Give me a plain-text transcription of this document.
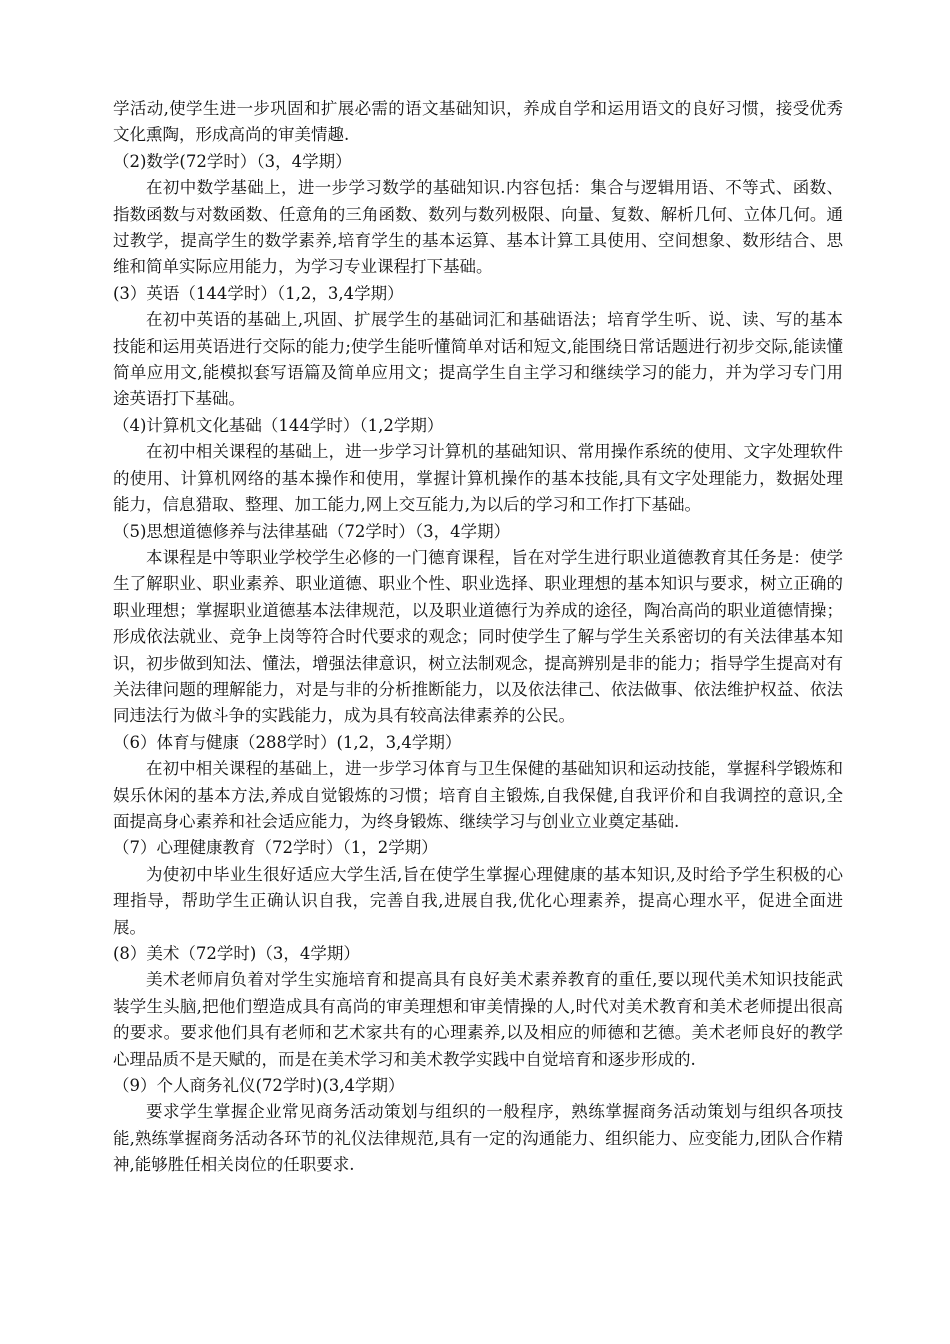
学活动,使学生进一步巩固和扩展必需的语文基础知识，养成自学和运用语文的良好习惯，接受优秀文化熏陶，形成高尚的审美情趣.

（2)数学(72学时）（3，4学期）

在初中数学基础上，进一步学习数学的基础知识.内容包括：集合与逻辑用语、不等式、函数、指数函数与对数函数、任意角的三角函数、数列与数列极限、向量、复数、解析几何、立体几何。通过教学，提高学生的数学素养,培育学生的基本运算、基本计算工具使用、空间想象、数形结合、思维和简单实际应用能力，为学习专业课程打下基础。

(3）英语（144学时）（1,2，3,4学期）

在初中英语的基础上,巩固、扩展学生的基础词汇和基础语法；培育学生听、说、读、写的基本技能和运用英语进行交际的能力;使学生能听懂简单对话和短文,能围绕日常话题进行初步交际,能读懂简单应用文,能模拟套写语篇及简单应用文；提高学生自主学习和继续学习的能力，并为学习专门用途英语打下基础。

（4)计算机文化基础（144学时）（1,2学期）

在初中相关课程的基础上，进一步学习计算机的基础知识、常用操作系统的使用、文字处理软件的使用、计算机网络的基本操作和使用，掌握计算机操作的基本技能,具有文字处理能力，数据处理能力，信息猎取、整理、加工能力,网上交互能力,为以后的学习和工作打下基础。

（5)思想道德修养与法律基础（72学时）（3，4学期）

本课程是中等职业学校学生必修的一门德育课程，旨在对学生进行职业道德教育其任务是：使学生了解职业、职业素养、职业道德、职业个性、职业选择、职业理想的基本知识与要求，树立正确的职业理想；掌握职业道德基本法律规范，以及职业道德行为养成的途径，陶冶高尚的职业道德情操；形成依法就业、竞争上岗等符合时代要求的观念；同时使学生了解与学生关系密切的有关法律基本知识，初步做到知法、懂法，增强法律意识，树立法制观念，提高辨别是非的能力；指导学生提高对有关法律问题的理解能力，对是与非的分析推断能力，以及依法律己、依法做事、依法维护权益、依法同违法行为做斗争的实践能力，成为具有较高法律素养的公民。

（6）体育与健康（288学时）(1,2，3,4学期）

在初中相关课程的基础上，进一步学习体育与卫生保健的基础知识和运动技能，掌握科学锻炼和娱乐休闲的基本方法,养成自觉锻炼的习惯；培育自主锻炼,自我保健,自我评价和自我调控的意识,全面提高身心素养和社会适应能力，为终身锻炼、继续学习与创业立业奠定基础.

（7）心理健康教育（72学时）（1，2学期）

为使初中毕业生很好适应大学生活,旨在使学生掌握心理健康的基本知识,及时给予学生积极的心理指导，帮助学生正确认识自我，完善自我,进展自我,优化心理素养，提高心理水平，促进全面进展。

(8）美术（72学时)（3，4学期）

美术老师肩负着对学生实施培育和提高具有良好美术素养教育的重任,要以现代美术知识技能武装学生头脑,把他们塑造成具有高尚的审美理想和审美情操的人,时代对美术教育和美术老师提出很高的要求。要求他们具有老师和艺术家共有的心理素养,以及相应的师德和艺德。美术老师良好的教学心理品质不是天赋的，而是在美术学习和美术教学实践中自觉培育和逐步形成的.

（9）个人商务礼仪(72学时)(3,4学期）

要求学生掌握企业常见商务活动策划与组织的一般程序，熟练掌握商务活动策划与组织各项技能,熟练掌握商务活动各环节的礼仪法律规范,具有一定的沟通能力、组织能力、应变能力,团队合作精神,能够胜任相关岗位的任职要求.
